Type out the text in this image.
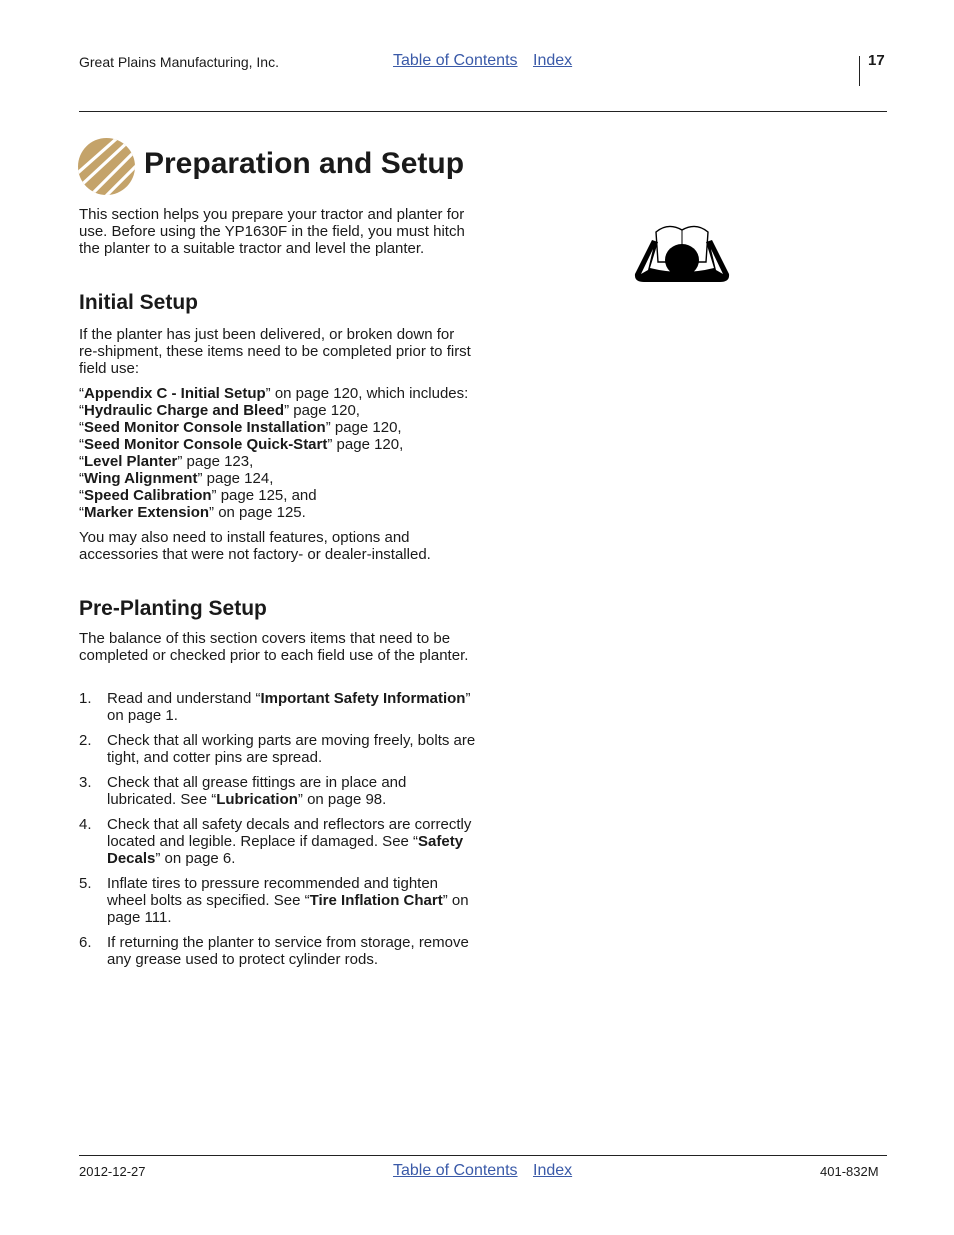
Great Plains Manufacturing, Inc.	Table of Contents Index	17
Preparation and Setup

This section helps you prepare your tractor and planter for use. Before using the YP1630F in the field, you must hitch the planter to a suitable tractor and level the planter.

Initial Setup

If the planter has just been delivered, or broken down for re-shipment, these items need to be completed prior to first field use:

“Appendix C - Initial Setup” on page 120, which includes:

“Hydraulic Charge and Bleed” page 120,
“Seed Monitor Console Installation” page 120,
“Seed Monitor Console Quick-Start” page 120,
“Level Planter” page 123,
“Wing Alignment” page 124,
“Speed Calibration” page 125, and
“Marker Extension” on page 125.

You may also need to install features, options and accessories that were not factory- or dealer-installed.

Pre-Planting Setup

The balance of this section covers items that need to be completed or checked prior to each field use of the planter.

1. Read and understand “Important Safety Information” on page 1.
2. Check that all working parts are moving freely, bolts are tight, and cotter pins are spread.
3. Check that all grease fittings are in place and lubricated. See “Lubrication” on page 98.
4. Check that all safety decals and reflectors are correctly located and legible. Replace if damaged. See “Safety Decals” on page 6.
5. Inflate tires to pressure recommended and tighten wheel bolts as specified. See “Tire Inflation Chart” on page 111.
6. If returning the planter to service from storage, remove any grease used to protect cylinder rods.
2012-12-27	Table of Contents Index	401-832M
